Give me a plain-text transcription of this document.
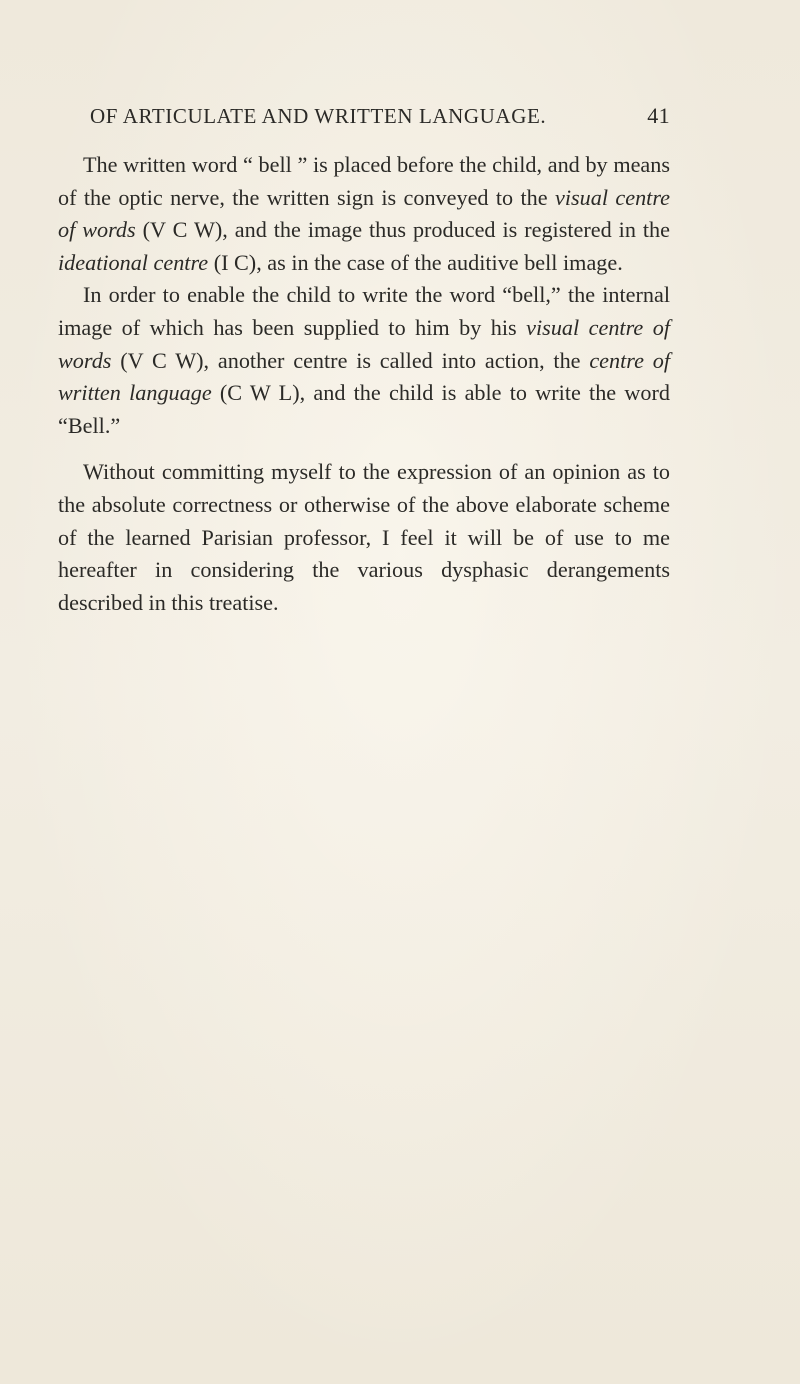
OF ARTICULATE AND WRITTEN LANGUAGE.	41

The written word “ bell ” is placed before the child, and by means of the optic nerve, the written sign is conveyed to the visual centre of words (V C W), and the image thus produced is registered in the ideational centre (I C), as in the case of the auditive bell image.

In order to enable the child to write the word “bell,” the internal image of which has been supplied to him by his visual centre of words (V C W), another centre is called into action, the centre of written language (C W L), and the child is able to write the word “Bell.”

Without committing myself to the expression of an opinion as to the absolute correctness or otherwise of the above elaborate scheme of the learned Parisian professor, I feel it will be of use to me hereafter in considering the various dysphasic derangements described in this treatise.
